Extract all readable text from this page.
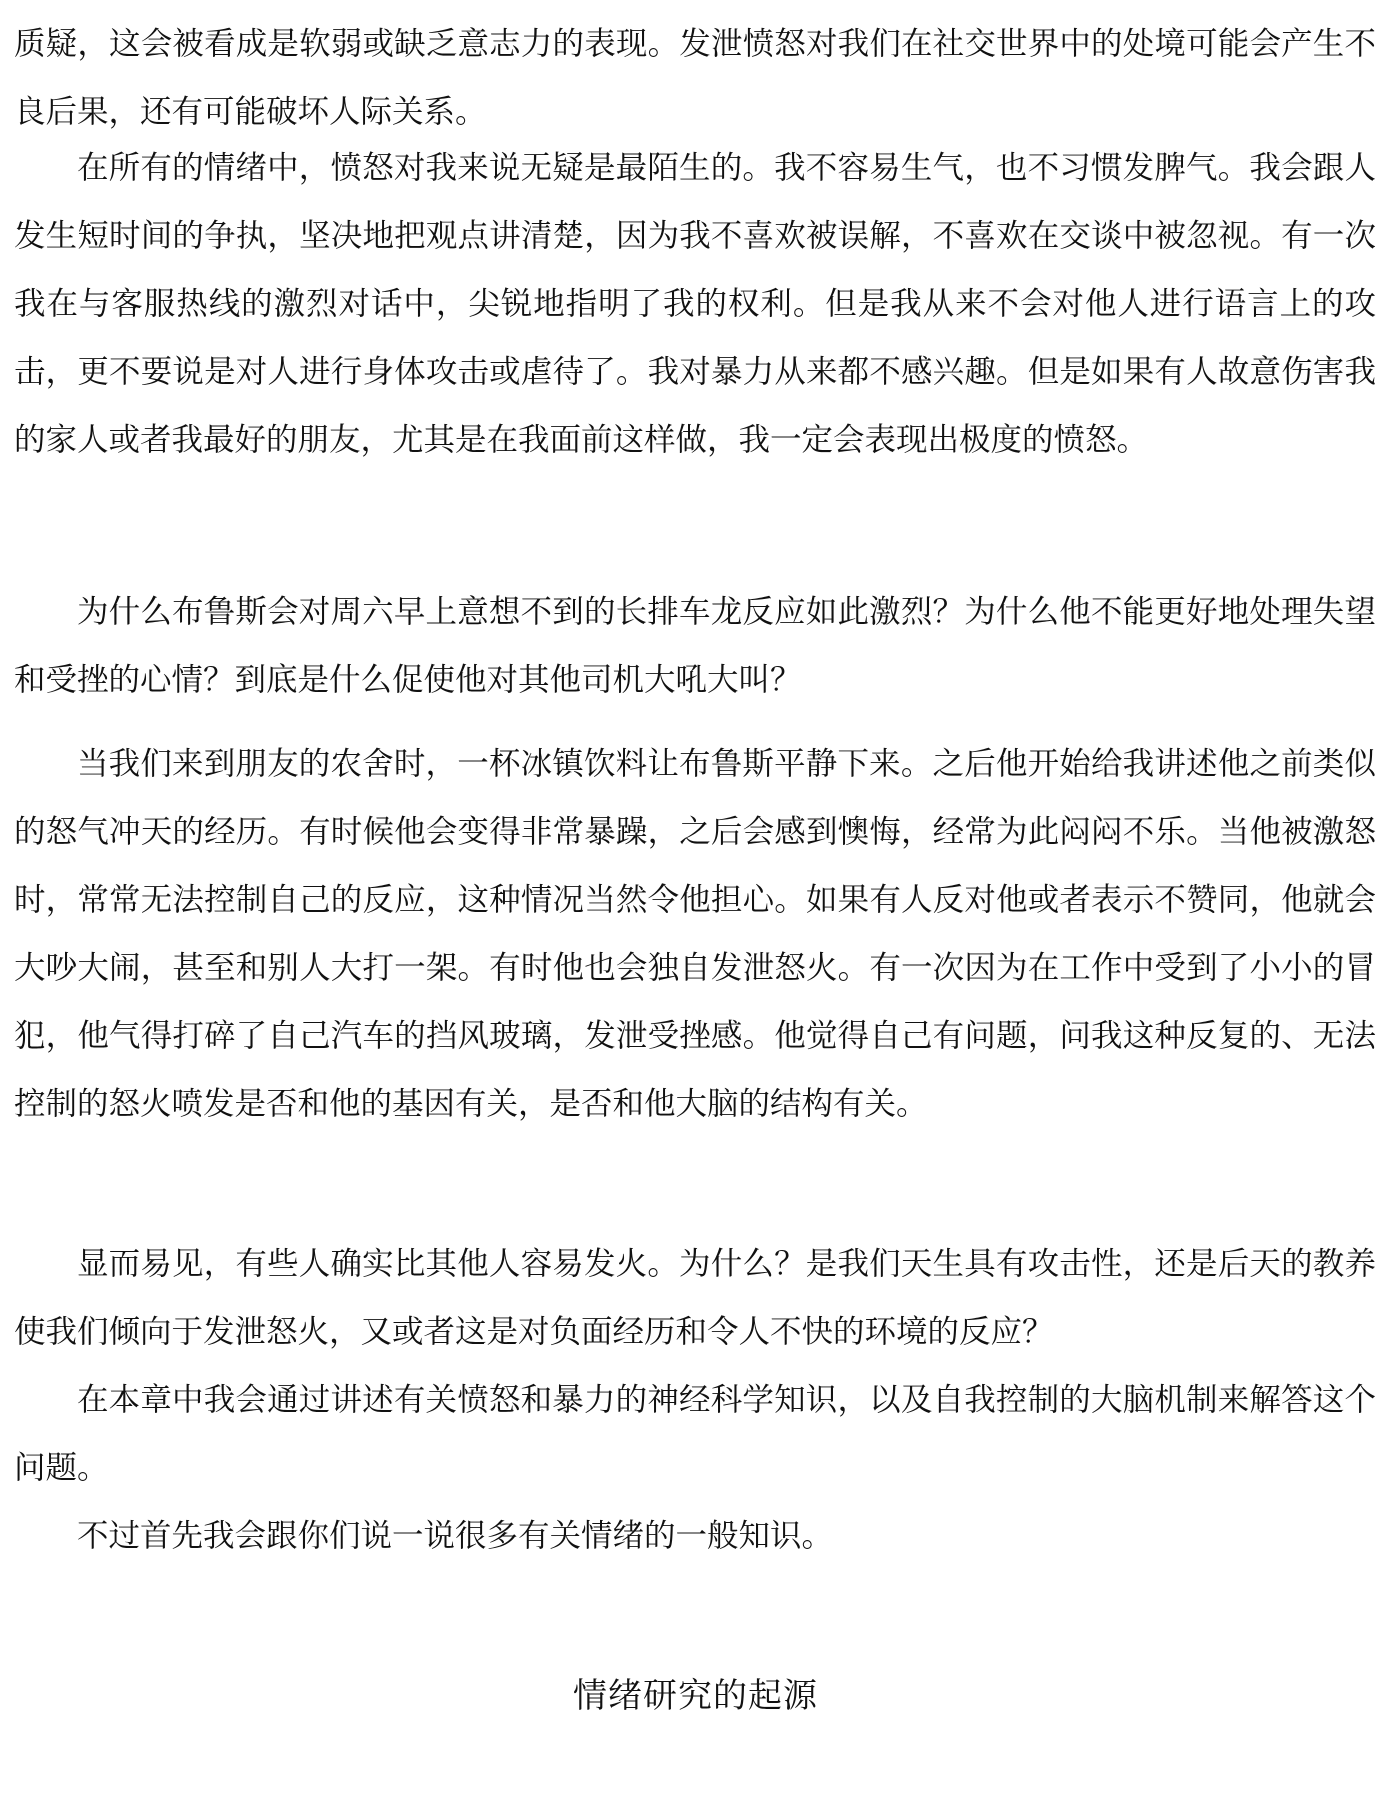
质疑，这会被看成是软弱或缺乏意志力的表现。发泄愤怒对我们在社交世界中的处境可能会产生不良后果，还有可能破坏人际关系。

在所有的情绪中，愤怒对我来说无疑是最陌生的。我不容易生气，也不习惯发脾气。我会跟人发生短时间的争执，坚决地把观点讲清楚，因为我不喜欢被误解，不喜欢在交谈中被忽视。有一次我在与客服热线的激烈对话中，尖锐地指明了我的权利。但是我从来不会对他人进行语言上的攻击，更不要说是对人进行身体攻击或虐待了。我对暴力从来都不感兴趣。但是如果有人故意伤害我的家人或者我最好的朋友，尤其是在我面前这样做，我一定会表现出极度的愤怒。

为什么布鲁斯会对周六早上意想不到的长排车龙反应如此激烈？为什么他不能更好地处理失望和受挫的心情？到底是什么促使他对其他司机大吼大叫？

当我们来到朋友的农舍时，一杯冰镇饮料让布鲁斯平静下来。之后他开始给我讲述他之前类似的怒气冲天的经历。有时候他会变得非常暴躁，之后会感到懊悔，经常为此闷闷不乐。当他被激怒时，常常无法控制自己的反应，这种情况当然令他担心。如果有人反对他或者表示不赞同，他就会大吵大闹，甚至和别人大打一架。有时他也会独自发泄怒火。有一次因为在工作中受到了小小的冒犯，他气得打碎了自己汽车的挡风玻璃，发泄受挫感。他觉得自己有问题，问我这种反复的、无法控制的怒火喷发是否和他的基因有关，是否和他大脑的结构有关。

显而易见，有些人确实比其他人容易发火。为什么？是我们天生具有攻击性，还是后天的教养使我们倾向于发泄怒火，又或者这是对负面经历和令人不快的环境的反应？

在本章中我会通过讲述有关愤怒和暴力的神经科学知识，以及自我控制的大脑机制来解答这个问题。

不过首先我会跟你们说一说很多有关情绪的一般知识。

情绪研究的起源
